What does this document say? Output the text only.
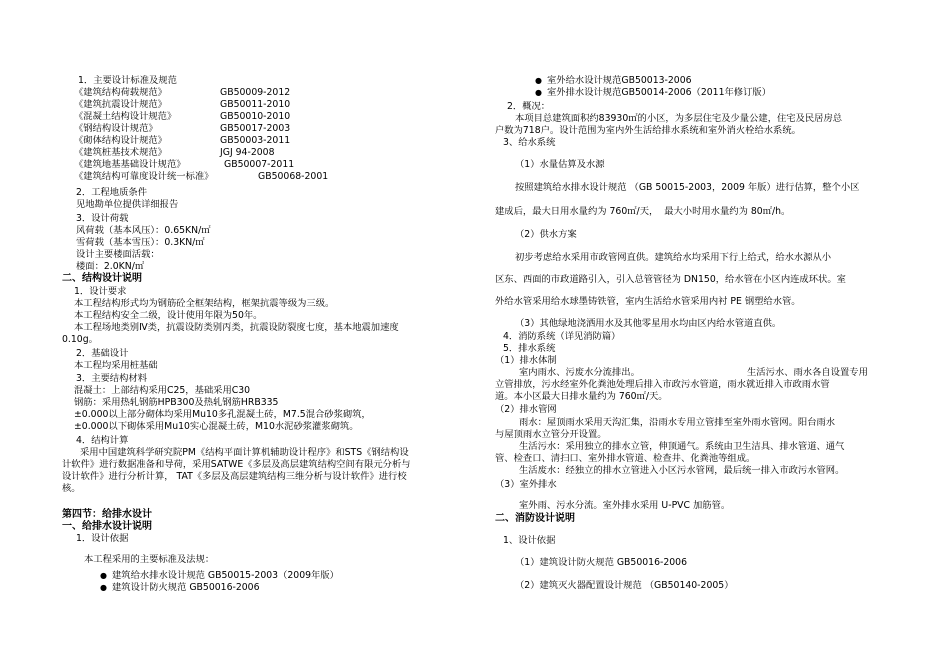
1．主要设计标准及规范
《建筑结构荷载规范》	GB50009-2012
《建筑抗震设计规范》	GB50011-2010
《混凝土结构设计规范》	GB50010-2010
《钢结构设计规范》	GB50017-2003
《砌体结构设计规范》	GB50003-2011
《建筑桩基技术规范》	JGJ 94-2008
《建筑地基基础设计规范》	GB50007-2011
《建筑结构可靠度设计统一标准》	GB50068-2001
2．工程地质条件
见地勘单位提供详细报告
3．设计荷载
风荷载（基本风压）：0.65KN/㎡
雪荷载（基本雪压）：0.3KN/㎡
设计主要楼面活载：
楼面：2.0KN/㎡
二、结构设计说明
1．设计要求
本工程结构形式均为钢筋砼全框架结构，框架抗震等级为三级。
本工程结构安全二级，设计使用年限为50年。
本工程场地类别Ⅳ类，抗震设防类别丙类，抗震设防裂度七度，基本地震加速度
0.10g。
2．基础设计
本工程均采用桩基础
3．主要结构材料
混凝土：上部结构采用C25，基础采用C30
钢筋：采用热轧钢筋HPB300及热轧钢筋HRB335
±0.000以上部分砌体均采用Mu10多孔混凝土砖，M7.5混合砂浆砌筑，
±0.000以下砌体采用Mu10实心混凝土砖，M10水泥砂浆灌浆砌筑。
4．结构计算
采用中国建筑科学研究院PM《结构平面计算机辅助设计程序》和STS《钢结构设
计软件》进行数据准备和导荷，采用SATWE《多层及高层建筑结构空间有限元分析与
设计软件》进行分析计算， TAT《多层及高层建筑结构三维分析与设计软件》进行校
核。
第四节：给排水设计
一、给排水设计说明
1．设计依据
本工程采用的主要标准及法规：
● 建筑给水排水设计规范 GB50015-2003（2009年版）
● 建筑设计防火规范 GB50016-2006
● 室外给水设计规范GB50013-2006
● 室外排水设计规范GB50014-2006（2011年修订版）
2．概况：
本项目总建筑面积约83930㎡的小区，为多层住宅及少量公建，住宅及民居房总
户数为718户。设计范围为室内外生活给排水系统和室外消火栓给水系统。
3、给水系统
（1）水量估算及水源
按照建筑给水排水设计规范 （GB 50015-2003，2009 年版）进行估算，整个小区
建成后，最大日用水量约为 760㎡/天，  最大小时用水量约为 80㎡/h。
（2）供水方案
初步考虑给水采用市政管网直供。建筑给水均采用下行上给式，给水水源从小
区东、西面的市政道路引入，引入总管管径为 DN150，给水管在小区内连成环状。室
外给水管采用给水球墨铸铁管，室内生活给水管采用内衬 PE 钢塑给水管。
（3）其他绿地浇洒用水及其他零星用水均由区内给水管道直供。
4．消防系统（详见消防篇）
5．排水系统
（1）排水体制
室内雨水、污废水分流排出。	生活污水、雨水各自设置专用
立管排放，污水经室外化粪池处理后排入市政污水管道，雨水就近排入市政雨水管
道。本小区最大日排水量约为 760㎡/天。
（2）排水管网
雨水：屋顶雨水采用天沟汇集，沿雨水专用立管排至室外雨水管网。阳台雨水
与屋顶雨水立管分开设置。
生活污水：采用独立的排水立管，伸顶通气。系统由卫生洁具、排水管道、通气
管、检查口、清扫口、室外排水管道、检查井、化粪池等组成。
生活废水：经独立的排水立管进入小区污水管网，最后统一排入市政污水管网。
（3）室外排水
室外雨、污水分流。室外排水采用 U-PVC 加筋管。
二、消防设计说明
1、设计依据
（1）建筑设计防火规范 GB50016-2006
（2）建筑灭火器配置设计规范 （GB50140-2005）
